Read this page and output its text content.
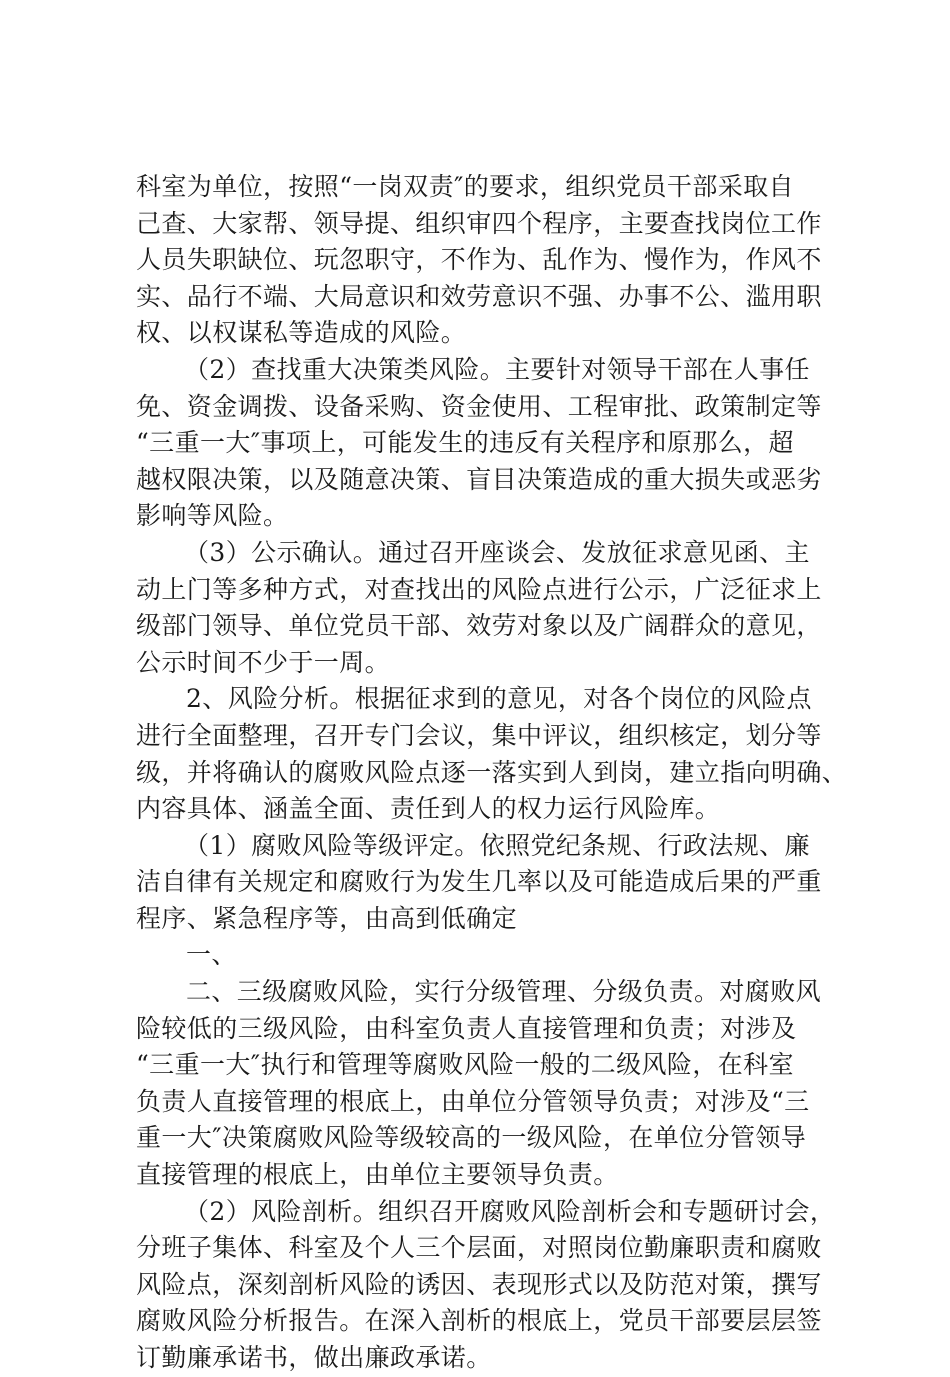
科室为单位，按照“一岗双责″的要求，组织党员干部采取自
己查、大家帮、领导提、组织审四个程序，主要查找岗位工作
人员失职缺位、玩忽职守，不作为、乱作为、慢作为，作风不
实、品行不端、大局意识和效劳意识不强、办事不公、滥用职
权、以权谋私等造成的风险。
（2）查找重大决策类风险。主要针对领导干部在人事任
免、资金调拨、设备采购、资金使用、工程审批、政策制定等
“三重一大″事项上，可能发生的违反有关程序和原那么，超
越权限决策，以及随意决策、盲目决策造成的重大损失或恶劣
影响等风险。
（3）公示确认。通过召开座谈会、发放征求意见函、主
动上门等多种方式，对查找出的风险点进行公示，广泛征求上
级部门领导、单位党员干部、效劳对象以及广阔群众的意见，
公示时间不少于一周。
2、风险分析。根据征求到的意见，对各个岗位的风险点
进行全面整理，召开专门会议，集中评议，组织核定，划分等
级，并将确认的腐败风险点逐一落实到人到岗，建立指向明确、
内容具体、涵盖全面、责任到人的权力运行风险库。
（1）腐败风险等级评定。依照党纪条规、行政法规、廉
洁自律有关规定和腐败行为发生几率以及可能造成后果的严重
程序、紧急程序等，由高到低确定
一、
二、三级腐败风险，实行分级管理、分级负责。对腐败风
险较低的三级风险，由科室负责人直接管理和负责；对涉及
“三重一大″执行和管理等腐败风险一般的二级风险，在科室
负责人直接管理的根底上，由单位分管领导负责；对涉及“三
重一大″决策腐败风险等级较高的一级风险，在单位分管领导
直接管理的根底上，由单位主要领导负责。
（2）风险剖析。组织召开腐败风险剖析会和专题研讨会，
分班子集体、科室及个人三个层面，对照岗位勤廉职责和腐败
风险点，深刻剖析风险的诱因、表现形式以及防范对策，撰写
腐败风险分析报告。在深入剖析的根底上，党员干部要层层签
订勤廉承诺书，做出廉政承诺。
